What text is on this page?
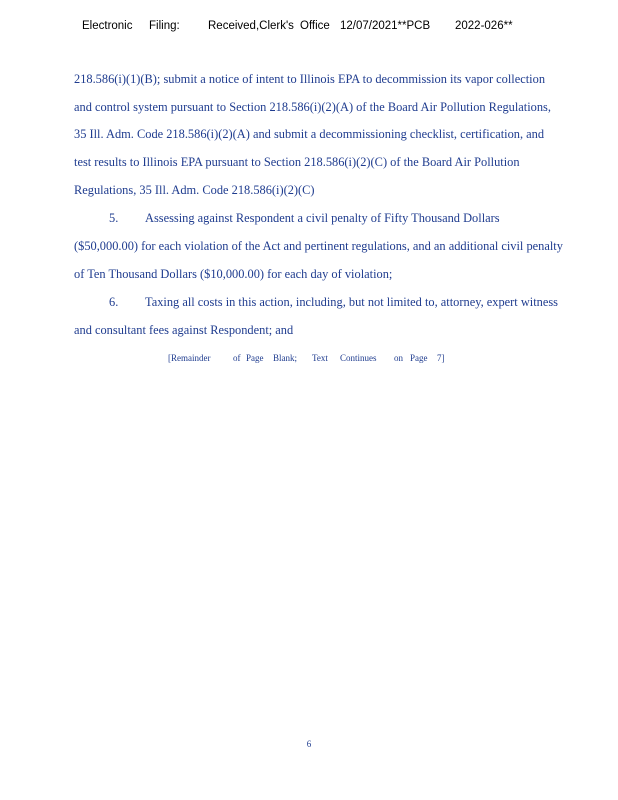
Electronic Filing: Received,Clerk's Office 12/07/2021**PCB 2022-026**
218.586(i)(1)(B); submit a notice of intent to Illinois EPA to decommission its vapor collection
and control system pursuant to Section 218.586(i)(2)(A) of the Board Air Pollution Regulations,
35 Ill. Adm. Code 218.586(i)(2)(A) and submit a decommissioning checklist, certification, and
test results to Illinois EPA pursuant to Section 218.586(i)(2)(C) of the Board Air Pollution
Regulations, 35 Ill. Adm. Code 218.586(i)(2)(C)
5. Assessing against Respondent a civil penalty of Fifty Thousand Dollars
($50,000.00) for each violation of the Act and pertinent regulations, and an additional civil penalty
of Ten Thousand Dollars ($10,000.00) for each day of violation;
6. Taxing all costs in this action, including, but not limited to, attorney, expert witness
and consultant fees against Respondent; and
[Remainder	of Page Blank; Text Continues on Page 7]
6
